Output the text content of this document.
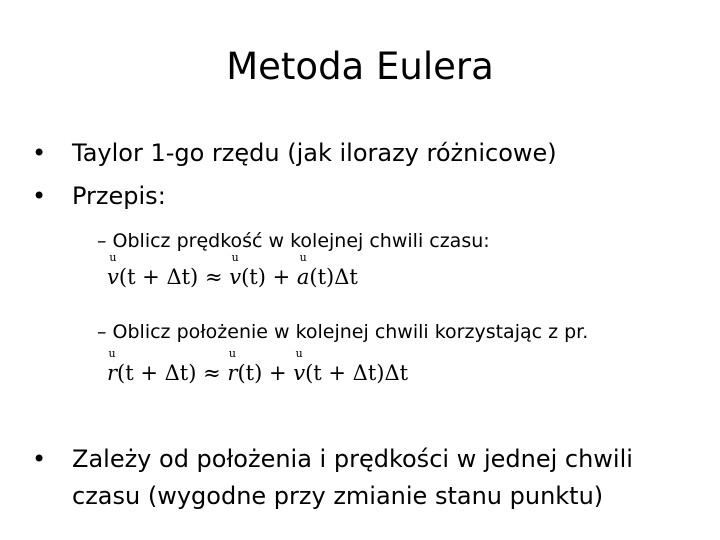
Metoda Eulera
• Taylor 1-go rzędu (jak ilorazy różnicowe)
• Przepis:
– Oblicz prędkość w kolejnej chwili czasu:
u
v(t + Δt) ≈
u
v(t) +
u
a(t)Δt
– Oblicz położenie w kolejnej chwili korzystając z pr.
u
r(t + Δt) ≈
u
r(t) +
u
v(t + Δt)Δt
• Zależy od położenia i prędkości w jednej chwili czasu (wygodne przy zmianie stanu punktu)
